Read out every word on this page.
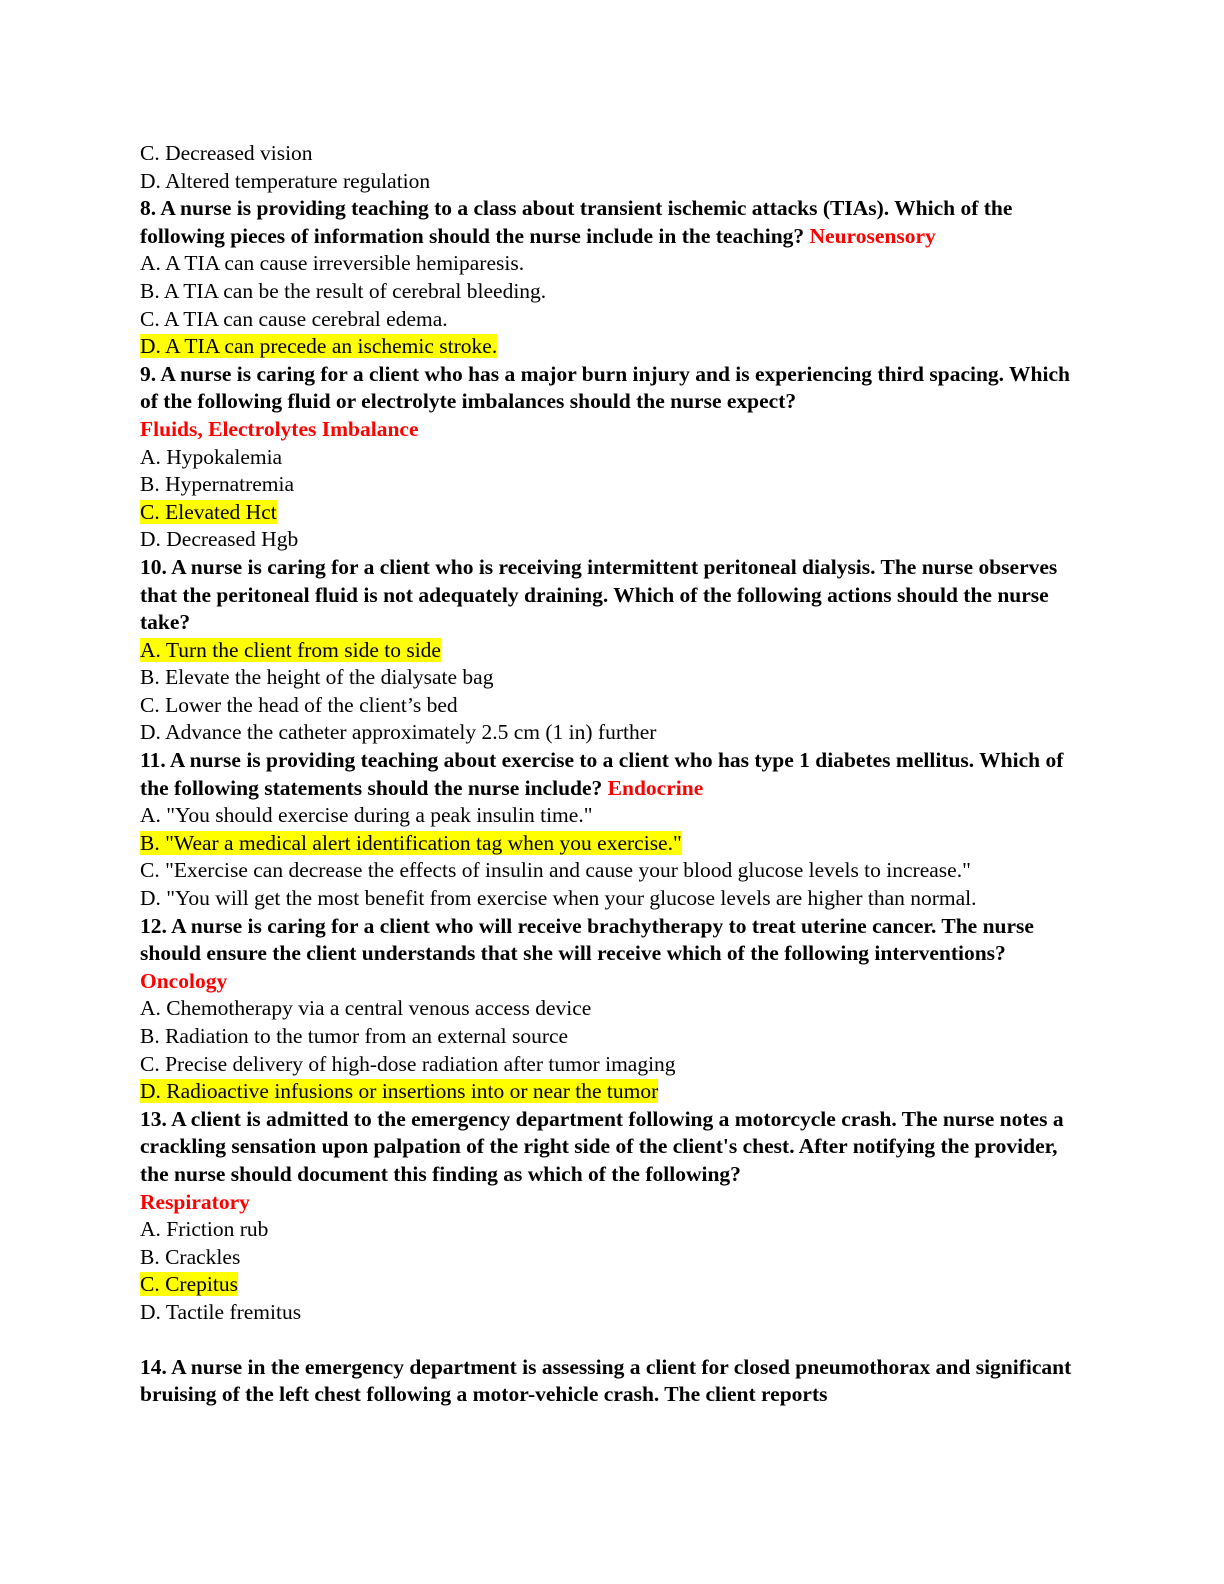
C. Decreased vision
D. Altered temperature regulation
8. A nurse is providing teaching to a class about transient ischemic attacks (TIAs). Which of the following pieces of information should the nurse include in the teaching? Neurosensory
A. A TIA can cause irreversible hemiparesis.
B. A TIA can be the result of cerebral bleeding.
C. A TIA can cause cerebral edema.
D. A TIA can precede an ischemic stroke.
9. A nurse is caring for a client who has a major burn injury and is experiencing third spacing. Which of the following fluid or electrolyte imbalances should the nurse expect?
Fluids, Electrolytes Imbalance
A. Hypokalemia
B. Hypernatremia
C. Elevated Hct
D. Decreased Hgb
10. A nurse is caring for a client who is receiving intermittent peritoneal dialysis. The nurse observes that the peritoneal fluid is not adequately draining. Which of the following actions should the nurse take?
A. Turn the client from side to side
B. Elevate the height of the dialysate bag
C. Lower the head of the client’s bed
D. Advance the catheter approximately 2.5 cm (1 in) further
11. A nurse is providing teaching about exercise to a client who has type 1 diabetes mellitus. Which of the following statements should the nurse include? Endocrine
A. "You should exercise during a peak insulin time."
B. "Wear a medical alert identification tag when you exercise."
C. "Exercise can decrease the effects of insulin and cause your blood glucose levels to increase."
D. "You will get the most benefit from exercise when your glucose levels are higher than normal.
12. A nurse is caring for a client who will receive brachytherapy to treat uterine cancer. The nurse should ensure the client understands that she will receive which of the following interventions? Oncology
A. Chemotherapy via a central venous access device
B. Radiation to the tumor from an external source
C. Precise delivery of high-dose radiation after tumor imaging
D. Radioactive infusions or insertions into or near the tumor
13. A client is admitted to the emergency department following a motorcycle crash. The nurse notes a crackling sensation upon palpation of the right side of the client's chest. After notifying the provider, the nurse should document this finding as which of the following?
Respiratory
A. Friction rub
B. Crackles
C. Crepitus
D. Tactile fremitus
14. A nurse in the emergency department is assessing a client for closed pneumothorax and significant bruising of the left chest following a motor-vehicle crash. The client reports
